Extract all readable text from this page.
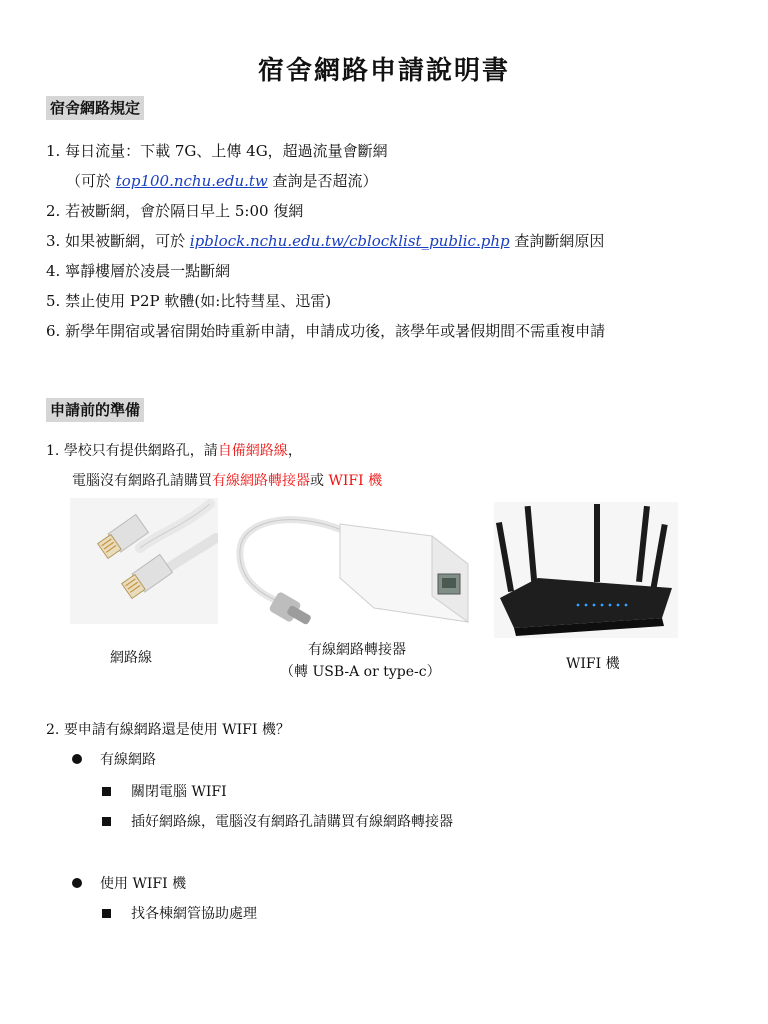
宿舍網路申請說明書
宿舍網路規定
1. 每日流量：下載 7G、上傳 4G，超過流量會斷網
（可於 top100.nchu.edu.tw 查詢是否超流）
2. 若被斷網，會於隔日早上 5:00 復網
3. 如果被斷網，可於 ipblock.nchu.edu.tw/cblocklist_public.php 查詢斷網原因
4. 寧靜樓層於凌晨一點斷網
5. 禁止使用 P2P 軟體(如:比特彗星、迅雷)
6. 新學年開宿或暑宿開始時重新申請，申請成功後，該學年或暑假期間不需重複申請
申請前的準備
1. 學校只有提供網路孔，請自備網路線，
電腦沒有網路孔請購買有線網路轉接器或 WIFI 機
網路線	有線網路轉接器
（轉 USB-A or type-c）	WIFI 機
2. 要申請有線網路還是使用 WIFI 機？
有線網路
關閉電腦 WIFI
插好網路線，電腦沒有網路孔請購買有線網路轉接器
使用 WIFI 機
找各棟網管協助處理
